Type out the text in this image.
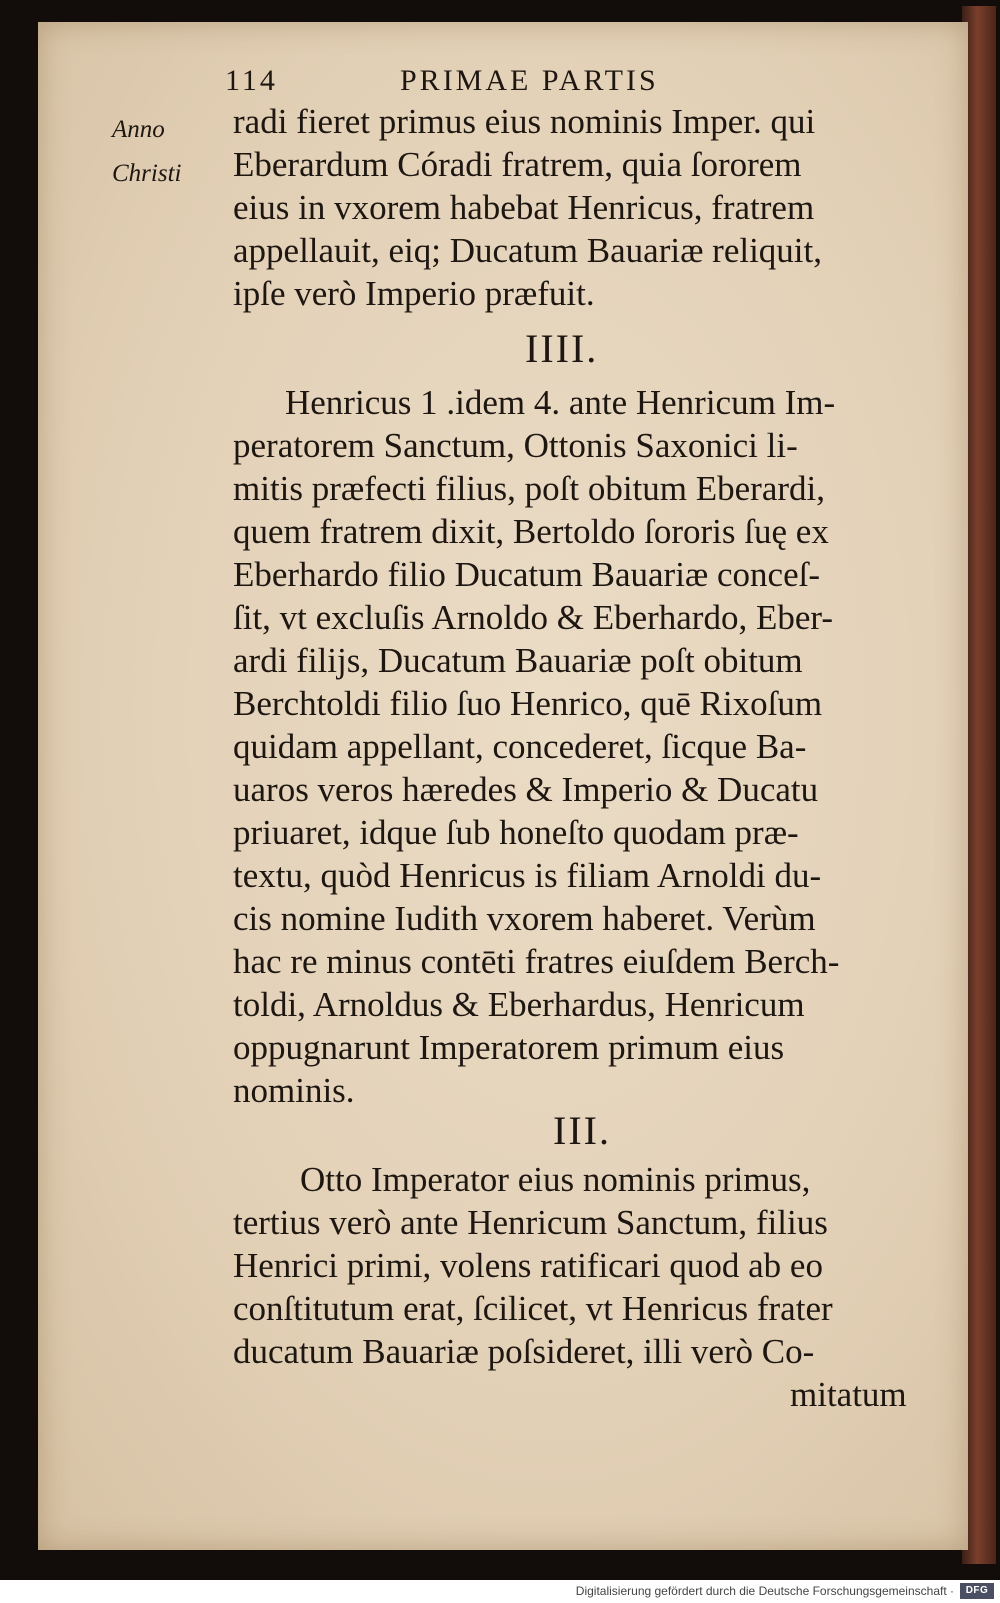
114	PRIMAE PARTIS
Anno
Christi
radi fieret primus eius nominis Imper. qui
Eberardum Córadi fratrem, quia ſororem
eius in vxorem habebat Henricus, fratrem
appellauit, eiq; Ducatum Bauariæ reliquit,
ipſe verò Imperio præfuit.
IIII.
Henricus 1 .idem 4. ante Henricum Im-
peratorem Sanctum, Ottonis Saxonici li-
mitis præfecti filius, poſt obitum Eberardi,
quem fratrem dixit, Bertoldo ſororis ſuę ex
Eberhardo filio Ducatum Bauariæ conceſ-
ſit, vt excluſis Arnoldo & Eberhardo, Eber-
ardi filijs, Ducatum Bauariæ poſt obitum
Berchtoldi filio ſuo Henrico, quē Rixoſum
quidam appellant, concederet, ſicque Ba-
uaros veros hæredes & Imperio & Ducatu
priuaret, idque ſub honeſto quodam præ-
textu, quòd Henricus is filiam Arnoldi du-
cis nomine Iudith vxorem haberet. Verùm
hac re minus contēti fratres eiuſdem Berch-
toldi, Arnoldus & Eberhardus, Henricum
oppugnarunt Imperatorem primum eius
nominis.
III.
Otto Imperator eius nominis primus,
tertius verò ante Henricum Sanctum, filius
Henrici primi, volens ratificari quod ab eo
conſtitutum erat, ſcilicet, vt Henricus frater
ducatum Bauariæ poſsideret, illi verò Co-
mitatum
Digitalisierung gefördert durch die Deutsche Forschungsgemeinschaft ·	DFG
